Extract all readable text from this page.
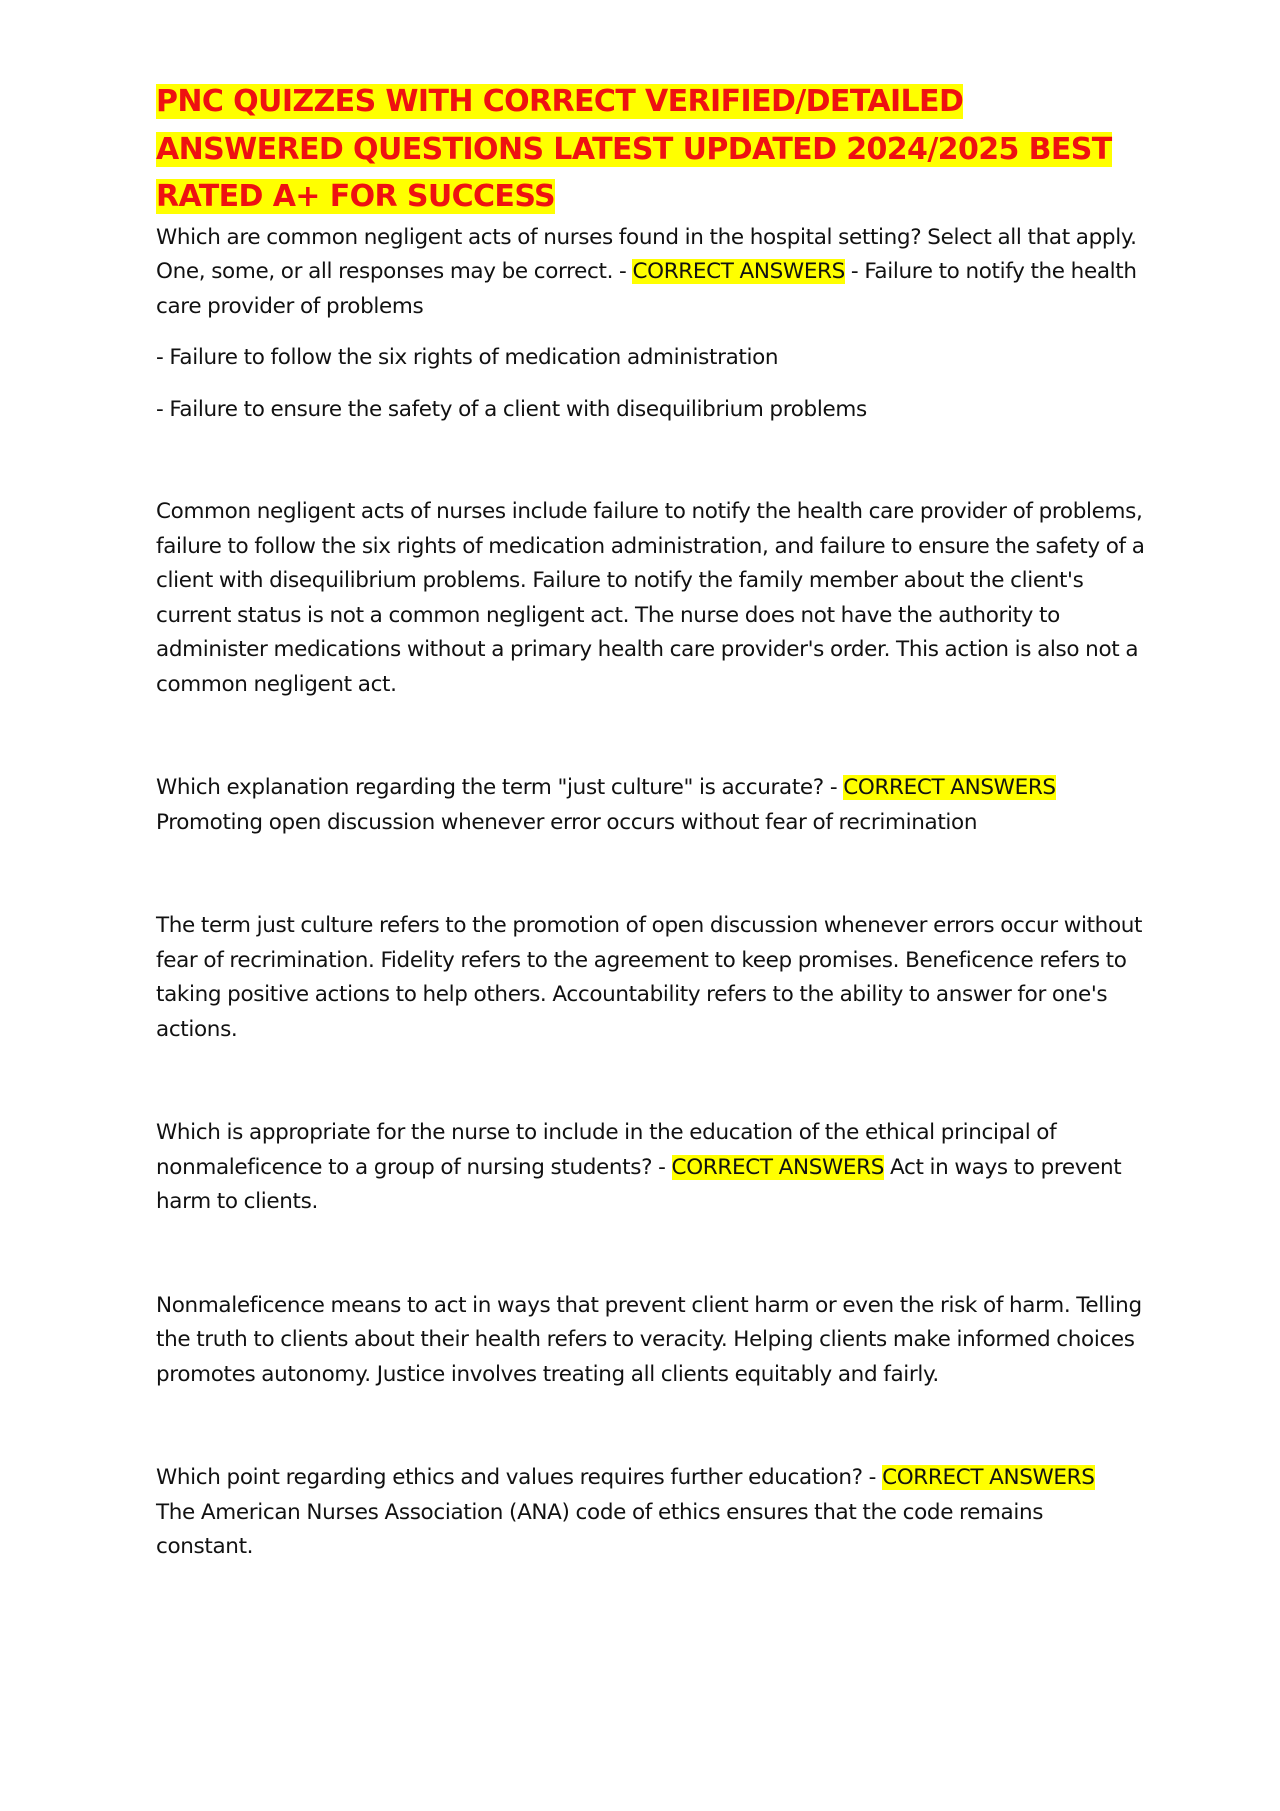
PNC QUIZZES WITH CORRECT VERIFIED/DETAILED ANSWERED QUESTIONS LATEST UPDATED 2024/2025 BEST RATED A+ FOR SUCCESS

Which are common negligent acts of nurses found in the hospital setting? Select all that apply. One, some, or all responses may be correct. - CORRECT ANSWERS - Failure to notify the health care provider of problems

- Failure to follow the six rights of medication administration

- Failure to ensure the safety of a client with disequilibrium problems

Common negligent acts of nurses include failure to notify the health care provider of problems, failure to follow the six rights of medication administration, and failure to ensure the safety of a client with disequilibrium problems. Failure to notify the family member about the client's current status is not a common negligent act. The nurse does not have the authority to administer medications without a primary health care provider's order. This action is also not a common negligent act.

Which explanation regarding the term "just culture" is accurate? - CORRECT ANSWERS
Promoting open discussion whenever error occurs without fear of recrimination

The term just culture refers to the promotion of open discussion whenever errors occur without fear of recrimination. Fidelity refers to the agreement to keep promises. Beneficence refers to taking positive actions to help others. Accountability refers to the ability to answer for one's actions.

Which is appropriate for the nurse to include in the education of the ethical principal of nonmaleficence to a group of nursing students? - CORRECT ANSWERS Act in ways to prevent harm to clients.

Nonmaleficence means to act in ways that prevent client harm or even the risk of harm. Telling the truth to clients about their health refers to veracity. Helping clients make informed choices promotes autonomy. Justice involves treating all clients equitably and fairly.

Which point regarding ethics and values requires further education? - CORRECT ANSWERS
The American Nurses Association (ANA) code of ethics ensures that the code remains constant.
